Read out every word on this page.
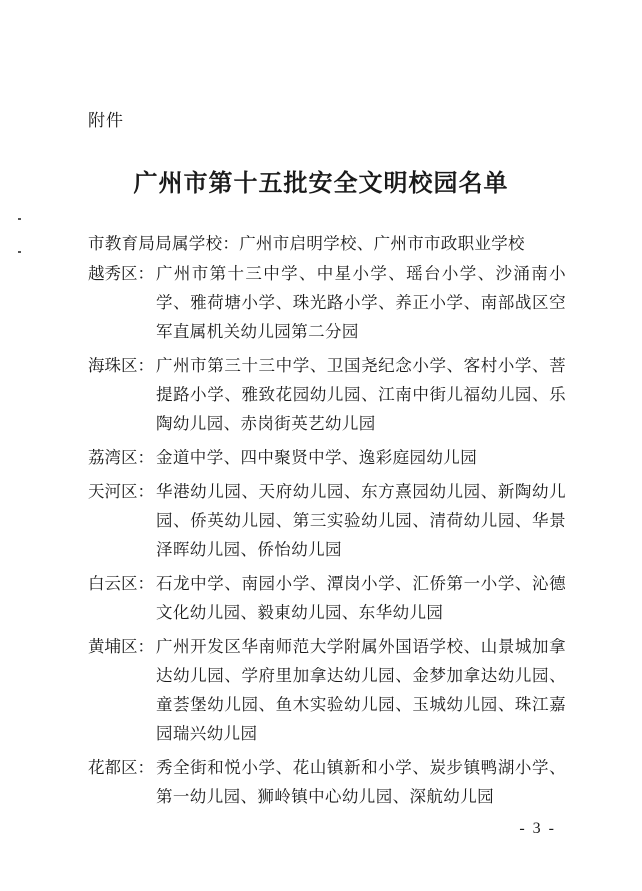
附件
广州市第十五批安全文明校园名单
市教育局局属学校：广州市启明学校、广州市市政职业学校
越秀区： 广州市第十三中学、中星小学、瑶台小学、沙涌南小学、雅荷塘小学、珠光路小学、养正小学、南部战区空军直属机关幼儿园第二分园
海珠区： 广州市第三十三中学、卫国尧纪念小学、客村小学、菩提路小学、雅致花园幼儿园、江南中街儿福幼儿园、乐陶幼儿园、赤岗街英艺幼儿园
荔湾区： 金道中学、四中聚贤中学、逸彩庭园幼儿园
天河区： 华港幼儿园、天府幼儿园、东方熹园幼儿园、新陶幼儿园、侨英幼儿园、第三实验幼儿园、清荷幼儿园、华景泽晖幼儿园、侨怡幼儿园
白云区： 石龙中学、南园小学、潭岗小学、汇侨第一小学、沁德文化幼儿园、毅東幼儿园、东华幼儿园
黄埔区： 广州开发区华南师范大学附属外国语学校、山景城加拿达幼儿园、学府里加拿达幼儿园、金梦加拿达幼儿园、童荟堡幼儿园、鱼木实验幼儿园、玉城幼儿园、珠江嘉园瑞兴幼儿园
花都区： 秀全街和悦小学、花山镇新和小学、炭步镇鸭湖小学、第一幼儿园、狮岭镇中心幼儿园、深航幼儿园
- 3 -
